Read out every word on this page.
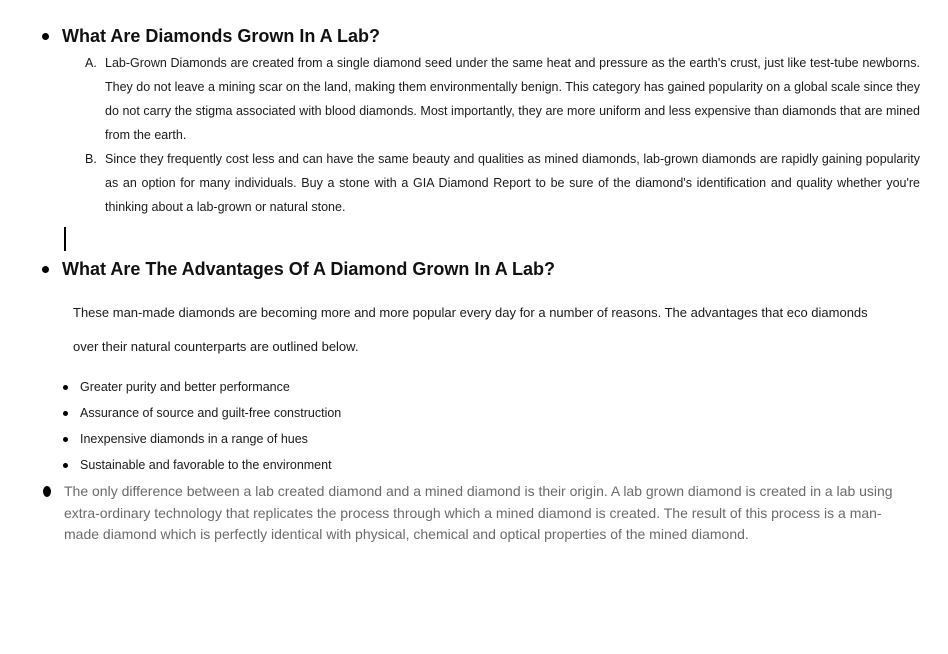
What Are Diamonds Grown In A Lab?
A. Lab-Grown Diamonds are created from a single diamond seed under the same heat and pressure as the earth's crust, just like test-tube newborns. They do not leave a mining scar on the land, making them environmentally benign. This category has gained popularity on a global scale since they do not carry the stigma associated with blood diamonds. Most importantly, they are more uniform and less expensive than diamonds that are mined from the earth.

B. Since they frequently cost less and can have the same beauty and qualities as mined diamonds, lab-grown diamonds are rapidly gaining popularity as an option for many individuals. Buy a stone with a GIA Diamond Report to be sure of the diamond's identification and quality whether you're thinking about a lab-grown or natural stone.

What Are The Advantages Of A Diamond Grown In A Lab?

These man-made diamonds are becoming more and more popular every day for a number of reasons. The advantages that eco diamonds over their natural counterparts are outlined below.

Greater purity and better performance
Assurance of source and guilt-free construction
Inexpensive diamonds in a range of hues
Sustainable and favorable to the environment

The only difference between a lab created diamond and a mined diamond is their origin. A lab grown diamond is created in a lab using extra-ordinary technology that replicates the process through which a mined diamond is created. The result of this process is a man-made diamond which is perfectly identical with physical, chemical and optical properties of the mined diamond.
